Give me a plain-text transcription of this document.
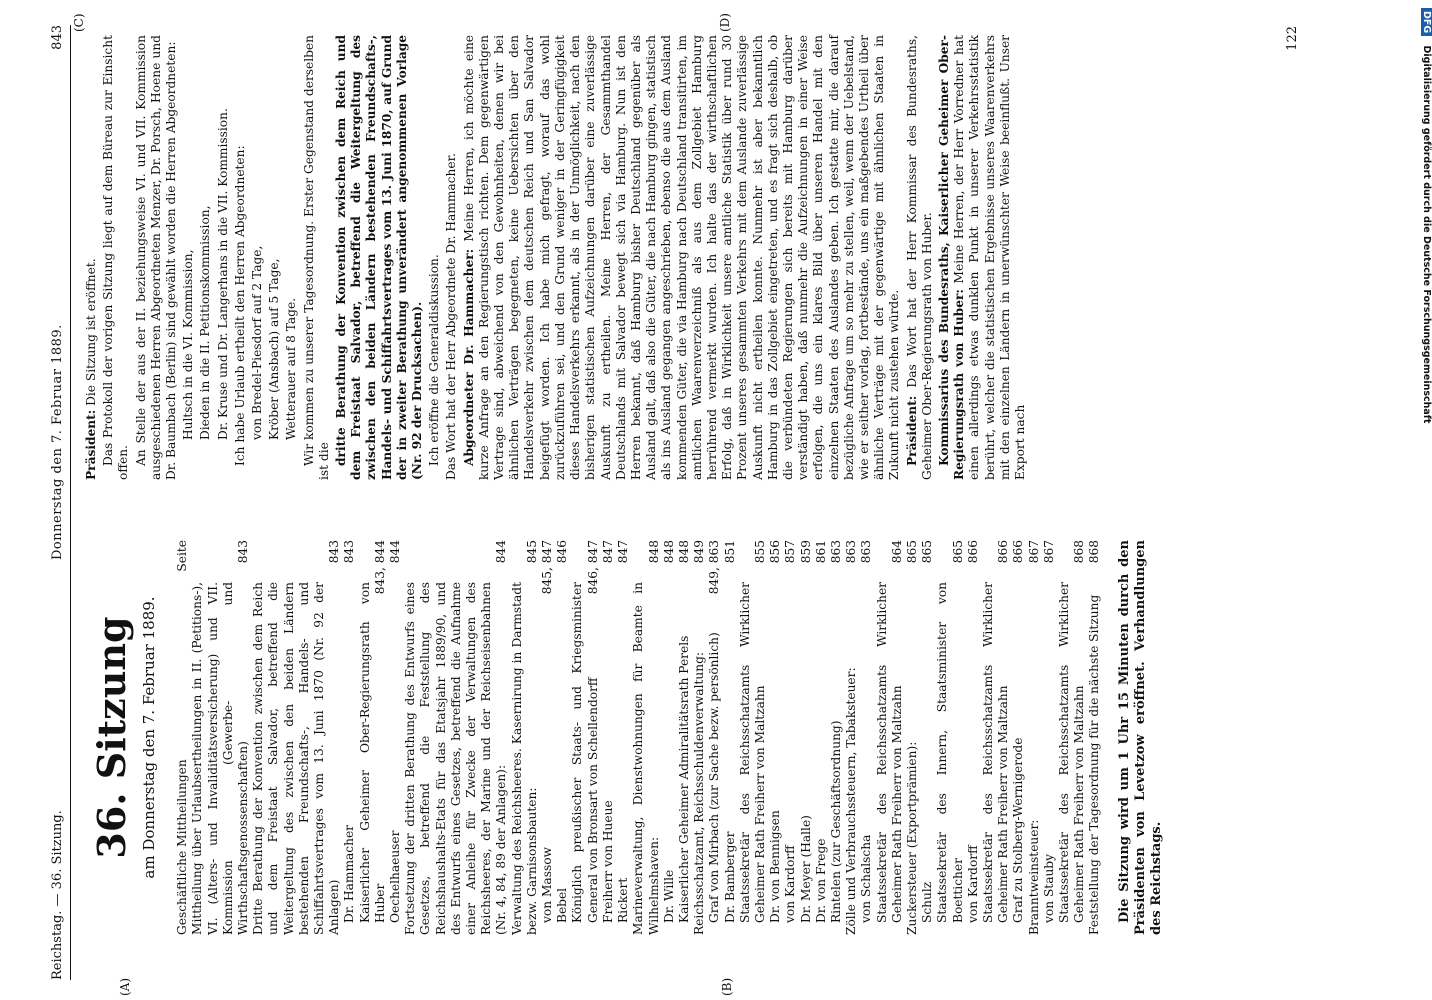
Reichstag. — 36. Sitzung.
Donnerstag den 7. Februar 1889.
843
(A)	(B)
(C)	(D)
36. Sitzung am Donnerstag den 7. Februar 1889. Geschäftliche Mittheilungen
Seite
Mittheilung über Urlaubsertheilungen in II. (Petitions-), VI. (Alters- und Invaliditätsversicherung) und VII. Kommission (Gewerbe- und Wirthschaftsgenossenschaften)
843
Dritte Berathung der Konvention zwischen dem Reich und dem Freistaat Salvador, betreffend die Weitergeltung des zwischen den beiden Ländern bestehenden Freundschafts-, Handels- und Schiffahrtsvertrages vom 13. Juni 1870 (Nr. 92 der Anlagen)
843
Dr. Hammacher
843
Kaiserlicher Geheimer Ober-Regierungsrath von Huber
843, 844
Oechelhaeuser
844
Fortsetzung der dritten Berathung des Entwurfs eines Gesetzes, betreffend die Feststellung des Reichshaushalts-Etats für das Etatsjahr 1889/90, und des Entwurfs eines Gesetzes, betreffend die Aufnahme einer Anleihe für Zwecke der Verwaltungen des Reichsheeres, der Marine und der Reichseisenbahnen (Nr. 4, 84, 89 der Anlagen):
844
Verwaltung des Reichsheeres. Kasernirung in Darmstadt bezw. Garnisonsbauten:
845
von Massow
845, 847
Bebel
846
Königlich preußischer Staats- und Kriegsminister General von Bronsart von Schellendorff
846, 847
Freiherr von Hueue
847
Rickert
847
Marineverwaltung, Dienstwohnungen für Beamte in Wilhelmshaven:
848
Dr. Wille
848
Kaiserlicher Geheimer Admiralitätsrath Perels
848
Reichsschatzamt, Reichsschuldenverwaltung:
849
Graf von Mirbach (zur Sache bezw. persönlich)
849, 863
Dr. Bamberger
851
Staatssekretär des Reichsschatzamts Wirklicher Geheimer Rath Freiherr von Maltzahn
855
Dr. von Bennigsen
856
von Kardorff
857
Dr. Meyer (Halle)
859
Dr. von Frege
861
Rintelen (zur Geschäftsordnung)
863
Zölle und Verbrauchssteuern, Tabaksteuer:
863
von Schalscha
863
Staatssekretär des Reichsschatzamts Wirklicher Geheimer Rath Freiherr von Maltzahn
864
Zuckersteuer (Exportprämien):
865
Schulz
865
Staatssekretär des Innern, Staatsminister von Boetticher
865
von Kardorff
866
Staatssekretär des Reichsschatzamts Wirklicher Geheimer Rath Freiherr von Maltzahn
866
Graf zu Stolberg-Wernigerode
866
Branntweinsteuer:
867
von Stauby
867
Staatssekretär des Reichsschatzamts Wirklicher Geheimer Rath Freiherr von Maltzahn
868
Feststellung der Tagesordnung für die nächste Sitzung
868 Die Sitzung wird um 1 Uhr 15 Minuten durch den Präsidenten von Levetzow eröffnet. Verhandlungen des Reichstags.

Präsident: Die Sitzung ist eröffnet. Das Protokoll der vorigen Sitzung liegt auf dem Büreau zur Einsicht offen. An Stelle der aus der II. beziehungsweise VI. und VII. Kommission ausgeschiedenen Herren Abgeordneten Menzer, Dr. Porsch, Hoene und Dr. Baumbach (Berlin) sind gewählt worden die Herren Abgeordneten: Hultsch in die VI. Kommission, Dieden in die II. Petitionskommission, Dr. Kruse und Dr. Langerhans in die VII. Kommission. Ich habe Urlaub ertheilt den Herren Abgeordneten: von Bredel-Piesdorf auf 2 Tage, Kröber (Ansbach) auf 5 Tage, Wetterauer auf 8 Tage. Wir kommen zu unserer Tagesordnung. Erster Gegenstand derselben ist die dritte Berathung der Konvention zwischen dem Reich und dem Freistaat Salvador, betreffend die Weitergeltung des zwischen den beiden Ländern bestehenden Freundschafts-, Handels- und Schiffahrtsvertrages vom 13. Juni 1870, auf Grund der in zweiter Berathung unverändert angenommenen Vorlage (Nr. 92 der Drucksachen). Ich eröffne die Generaldiskussion. Das Wort hat der Herr Abgeordnete Dr. Hammacher. Abgeordneter Dr. Hammacher: Meine Herren, ich möchte eine kurze Anfrage an den Regierungstisch richten. Dem gegenwärtigen Vertrage sind, abweichend von den Gewohnheiten, denen wir bei ähnlichen Verträgen begegneten, keine Uebersichten über den Handelsverkehr zwischen dem deutschen Reich und San Salvador beigefügt worden. Ich habe mich gefragt, worauf das wohl zurückzuführen sei, und den Grund weniger in der Geringfügigkeit dieses Handelsverkehrs erkannt, als in der Unmöglichkeit, nach den bisherigen statistischen Aufzeichnungen darüber eine zuverlässige Auskunft zu ertheilen. Meine Herren, der Gesammthandel Deutschlands mit Salvador bewegt sich via Hamburg. Nun ist den Herren bekannt, daß Hamburg bisher Deutschland gegenüber als Ausland galt, daß also die Güter, die nach Hamburg gingen, statistisch als ins Ausland gegangen angeschrieben, ebenso die aus dem Ausland kommenden Güter, die via Hamburg nach Deutschland transitirten, im amtlichen Waarenverzeichniß als aus dem Zollgebiet Hamburg herrührend vermerkt wurden. Ich halte das der wirthschaftlichen Erfolg, daß in Wirklichkeit unsere amtliche Statistik über rund 30 Prozent unseres gesammten Verkehrs mit dem Auslande zuverlässige Auskunft nicht ertheilen konnte. Nunmehr ist aber bekanntlich Hamburg in das Zollgebiet eingetreten, und es fragt sich deshalb, ob die verbündeten Regierungen sich bereits mit Hamburg darüber verständigt haben, daß nunmehr die Aufzeichnungen in einer Weise erfolgen, die uns ein klares Bild über unseren Handel mit den einzelnen Staaten des Auslandes geben. Ich gestatte mir, die darauf bezügliche Anfrage um so mehr zu stellen, weil, wenn der Uebelstand, wie er seither vorlag, fortbestände, uns ein maßgebendes Urtheil über ähnliche Verträge mit der gegenwärtige mit ähnlichen Staaten in Zukunft nicht zustehen würde. Präsident: Das Wort hat der Herr Kommissar des Bundesraths, Geheimer Ober-Regierungsrath von Huber. Kommissarius des Bundesraths, Kaiserlicher Geheimer Ober-Regierungsrath von Huber: Meine Herren, der Herr Vorredner hat einen allerdings etwas dunklen Punkt in unserer Verkehrsstatistik berührt, welcher die statistischen Ergebnisse unseres Waarenverkehrs mit den einzelnen Ländern in unerwünschter Weise beeinflußt. Unser Export nach

122
DFG Digitalisierung gefördert durch die Deutsche Forschungsgemeinschaft
